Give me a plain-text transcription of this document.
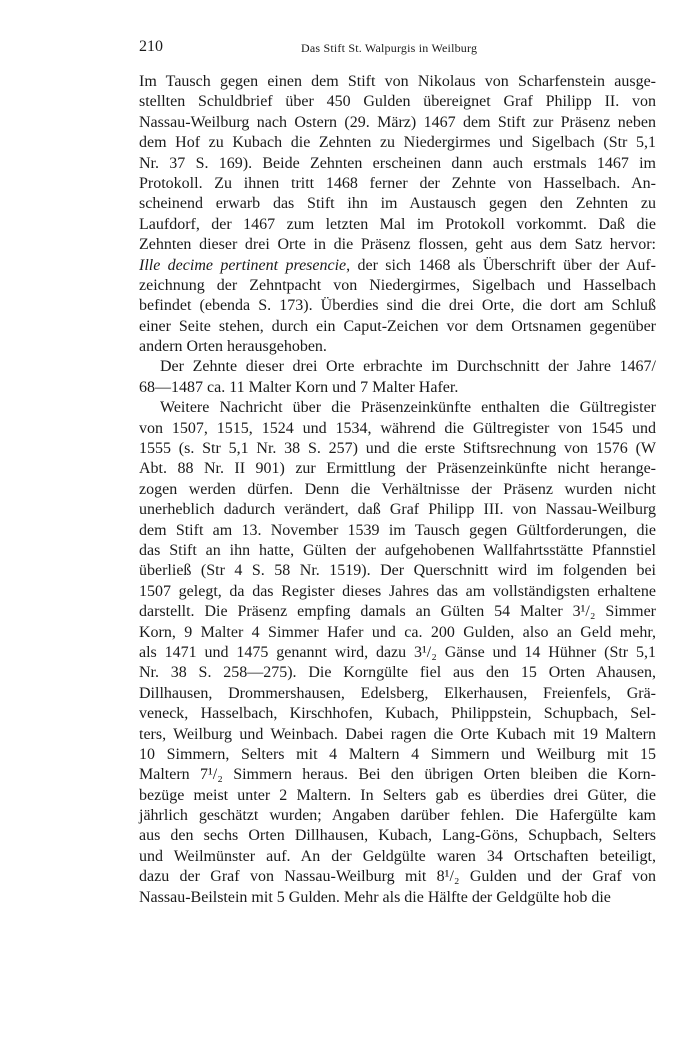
210	Das Stift St. Walpurgis in Weilburg
Im Tausch gegen einen dem Stift von Nikolaus von Scharfenstein ausge-
stellten Schuldbrief über 450 Gulden übereignet Graf Philipp II. von
Nassau-Weilburg nach Ostern (29. März) 1467 dem Stift zur Präsenz neben
dem Hof zu Kubach die Zehnten zu Niedergirmes und Sigelbach (Str 5,1
Nr. 37 S. 169). Beide Zehnten erscheinen dann auch erstmals 1467 im
Protokoll. Zu ihnen tritt 1468 ferner der Zehnte von Hasselbach. An-
scheinend erwarb das Stift ihn im Austausch gegen den Zehnten zu
Laufdorf, der 1467 zum letzten Mal im Protokoll vorkommt. Daß die
Zehnten dieser drei Orte in die Präsenz flossen, geht aus dem Satz hervor:
Ille decime pertinent presencie, der sich 1468 als Überschrift über der Auf-
zeichnung der Zehntpacht von Niedergirmes, Sigelbach und Hasselbach
befindet (ebenda S. 173). Überdies sind die drei Orte, die dort am Schluß
einer Seite stehen, durch ein Caput-Zeichen vor dem Ortsnamen gegenüber
andern Orten herausgehoben.
Der Zehnte dieser drei Orte erbrachte im Durchschnitt der Jahre 1467/
68—1487 ca. 11 Malter Korn und 7 Malter Hafer.
Weitere Nachricht über die Präsenzeinkünfte enthalten die Gültregister
von 1507, 1515, 1524 und 1534, während die Gültregister von 1545 und
1555 (s. Str 5,1 Nr. 38 S. 257) und die erste Stiftsrechnung von 1576 (W
Abt. 88 Nr. II 901) zur Ermittlung der Präsenzeinkünfte nicht herange-
zogen werden dürfen. Denn die Verhältnisse der Präsenz wurden nicht
unerheblich dadurch verändert, daß Graf Philipp III. von Nassau-Weilburg
dem Stift am 13. November 1539 im Tausch gegen Gültforderungen, die
das Stift an ihn hatte, Gülten der aufgehobenen Wallfahrtsstätte Pfannstiel
überließ (Str 4 S. 58 Nr. 1519). Der Querschnitt wird im folgenden bei
1507 gelegt, da das Register dieses Jahres das am vollständigsten erhaltene
darstellt. Die Präsenz empfing damals an Gülten 54 Malter 3¹/₂ Simmer
Korn, 9 Malter 4 Simmer Hafer und ca. 200 Gulden, also an Geld mehr,
als 1471 und 1475 genannt wird, dazu 3¹/₂ Gänse und 14 Hühner (Str 5,1
Nr. 38 S. 258—275). Die Korngülte fiel aus den 15 Orten Ahausen,
Dillhausen, Drommershausen, Edelsberg, Elkerhausen, Freienfels, Grä-
veneck, Hasselbach, Kirschhofen, Kubach, Philippstein, Schupbach, Sel-
ters, Weilburg und Weinbach. Dabei ragen die Orte Kubach mit 19 Maltern
10 Simmern, Selters mit 4 Maltern 4 Simmern und Weilburg mit 15
Maltern 7¹/₂ Simmern heraus. Bei den übrigen Orten bleiben die Korn-
bezüge meist unter 2 Maltern. In Selters gab es überdies drei Güter, die
jährlich geschätzt wurden; Angaben darüber fehlen. Die Hafergülte kam
aus den sechs Orten Dillhausen, Kubach, Lang-Göns, Schupbach, Selters
und Weilmünster auf. An der Geldgülte waren 34 Ortschaften beteiligt,
dazu der Graf von Nassau-Weilburg mit 8¹/₂ Gulden und der Graf von
Nassau-Beilstein mit 5 Gulden. Mehr als die Hälfte der Geldgülte hob die
